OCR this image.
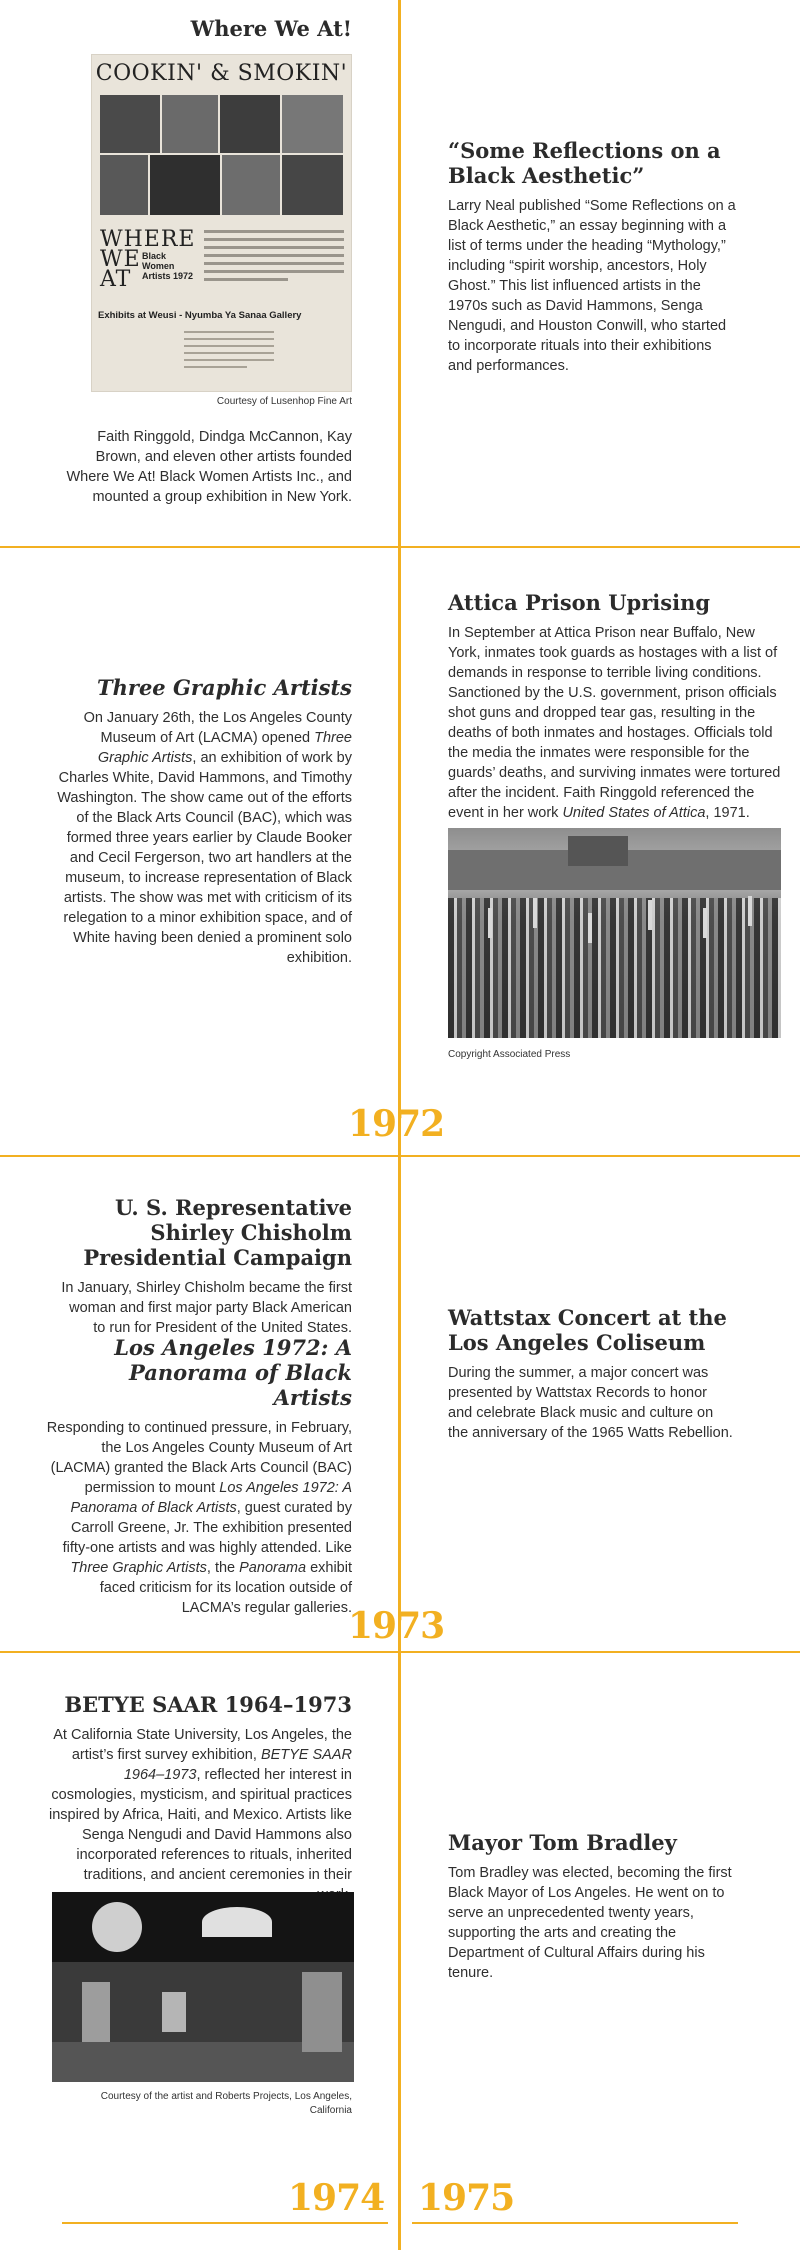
1972
1973
1974 1975
Where We At!
COOKIN' & SMOKIN'
WHERE WE AT
Black Women Artists 1972
Exhibits at Weusi - Nyumba Ya Sanaa Gallery

Courtesy of Lusenhop Fine Art

Faith Ringgold, Dindga McCannon, Kay Brown, and eleven other artists founded Where We At! Black Women Artists Inc., and mounted a group exhibition in New York.

“Some Reflections on a Black Aesthetic”

Larry Neal published “Some Reflections on a Black Aesthetic,” an essay beginning with a list of terms under the heading “Mythology,” including “spirit worship, ancestors, Holy Ghost.” This list influenced artists in the 1970s such as David Hammons, Senga Nengudi, and Houston Conwill, who started to incorporate rituals into their exhibitions and performances.

Three Graphic Artists

On January 26th, the Los Angeles County Museum of Art (LACMA) opened Three Graphic Artists, an exhibition of work by Charles White, David Hammons, and Timothy Washington. The show came out of the efforts of the Black Arts Council (BAC), which was formed three years earlier by Claude Booker and Cecil Fergerson, two art handlers at the museum, to increase representation of Black artists. The show was met with criticism of its relegation to a minor exhibition space, and of White having been denied a prominent solo exhibition.

Attica Prison Uprising

In September at Attica Prison near Buffalo, New York, inmates took guards as hostages with a list of demands in response to terrible living conditions. Sanctioned by the U.S. government, prison officials shot guns and dropped tear gas, resulting in the deaths of both inmates and hostages. Officials told the media the inmates were responsible for the guards’ deaths, and surviving inmates were tortured after the incident. Faith Ringgold referenced the event in her work United States of Attica, 1971.

Copyright Associated Press

U. S. Representative Shirley Chisholm Presidential Campaign

In January, Shirley Chisholm became the first woman and first major party Black American to run for President of the United States.

Los Angeles 1972: A Panorama of Black Artists

Responding to continued pressure, in February, the Los Angeles County Museum of Art (LACMA) granted the Black Arts Council (BAC) permission to mount Los Angeles 1972: A Panorama of Black Artists, guest curated by Carroll Greene, Jr. The exhibition presented fifty-one artists and was highly attended. Like Three Graphic Artists, the Panorama exhibit faced criticism for its location outside of LACMA’s regular galleries.

Wattstax Concert at the Los Angeles Coliseum

During the summer, a major concert was presented by Wattstax Records to honor and celebrate Black music and culture on the anniversary of the 1965 Watts Rebellion.

BETYE SAAR 1964–1973

At California State University, Los Angeles, the artist’s first survey exhibition, BETYE SAAR 1964–1973, reflected her interest in cosmologies, mysticism, and spiritual practices inspired by Africa, Haiti, and Mexico. Artists like Senga Nengudi and David Hammons also incorporated references to rituals, inherited traditions, and ancient ceremonies in their

Courtesy of the artist and Roberts Projects, Los Angeles, California

Mayor Tom Bradley

Tom Bradley was elected, becoming the first Black Mayor of Los Angeles. He went on to serve an unprecedented twenty years, supporting the arts and creating the Department of Cultural Affairs during his tenure.
